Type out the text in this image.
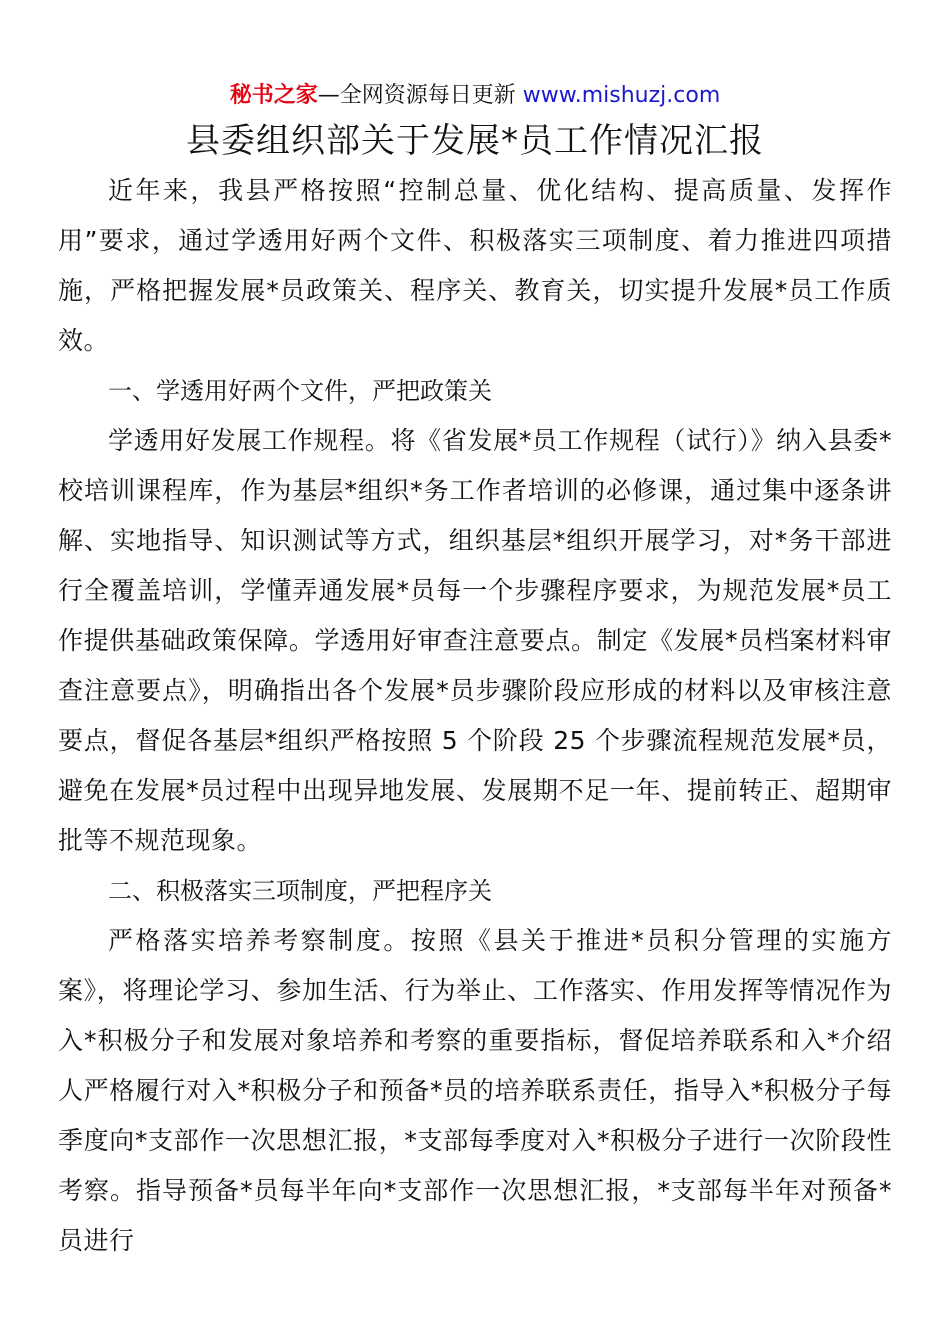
秘书之家—全网资源每日更新 www.mishuzj.com
县委组织部关于发展*员工作情况汇报

近年来，我县严格按照“控制总量、优化结构、提高质量、发挥作用”要求，通过学透用好两个文件、积极落实三项制度、着力推进四项措施，严格把握发展*员政策关、程序关、教育关，切实提升发展*员工作质效。

一、学透用好两个文件，严把政策关

学透用好发展工作规程。将《省发展*员工作规程（试行）》纳入县委*校培训课程库，作为基层*组织*务工作者培训的必修课，通过集中逐条讲解、实地指导、知识测试等方式，组织基层*组织开展学习，对*务干部进行全覆盖培训，学懂弄通发展*员每一个步骤程序要求，为规范发展*员工作提供基础政策保障。学透用好审查注意要点。制定《发展*员档案材料审查注意要点》，明确指出各个发展*员步骤阶段应形成的材料以及审核注意要点，督促各基层*组织严格按照 5 个阶段 25 个步骤流程规范发展*员，避免在发展*员过程中出现异地发展、发展期不足一年、提前转正、超期审批等不规范现象。

二、积极落实三项制度，严把程序关

严格落实培养考察制度。按照《县关于推进*员积分管理的实施方案》，将理论学习、参加生活、行为举止、工作落实、作用发挥等情况作为入*积极分子和发展对象培养和考察的重要指标，督促培养联系和入*介绍人严格履行对入*积极分子和预备*员的培养联系责任，指导入*积极分子每季度向*支部作一次思想汇报，*支部每季度对入*积极分子进行一次阶段性考察。指导预备*员每半年向*支部作一次思想汇报，*支部每半年对预备*员进行
